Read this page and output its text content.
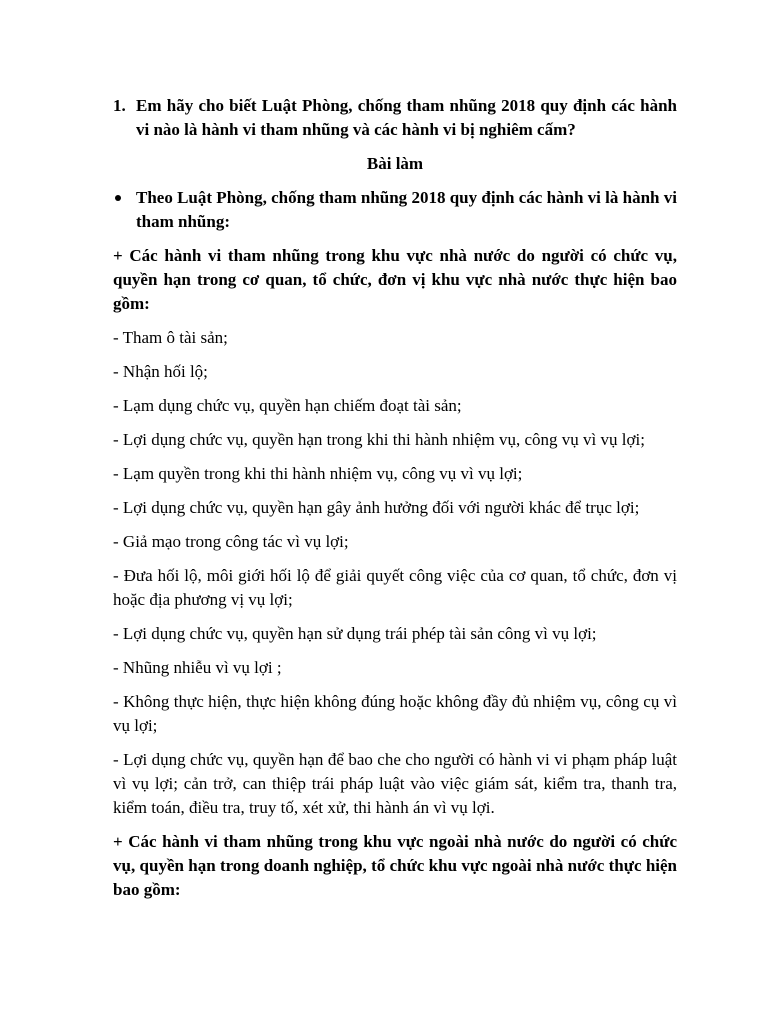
1. Em hãy cho biết Luật Phòng, chống tham nhũng 2018 quy định các hành vi nào là hành vi tham nhũng và các hành vi bị nghiêm cấm?
Bài làm
Theo Luật Phòng, chống tham nhũng 2018 quy định các hành vi là hành vi tham nhũng:
+ Các hành vi tham nhũng trong khu vực nhà nước do người có chức vụ, quyền hạn trong cơ quan, tổ chức, đơn vị khu vực nhà nước thực hiện bao gồm:
- Tham ô tài sản;
- Nhận hối lộ;
- Lạm dụng chức vụ, quyền hạn chiếm đoạt tài sản;
- Lợi dụng chức vụ, quyền hạn trong khi thi hành nhiệm vụ, công vụ vì vụ lợi;
- Lạm quyền trong khi thi hành nhiệm vụ, công vụ vì vụ lợi;
- Lợi dụng chức vụ, quyền hạn gây ảnh hưởng đối với người khác để trục lợi;
- Giả mạo trong công tác vì vụ lợi;
- Đưa hối lộ, môi giới hối lộ để giải quyết công việc của cơ quan, tổ chức, đơn vị hoặc địa phương vị vụ lợi;
- Lợi dụng chức vụ, quyền hạn sử dụng trái phép tài sản công vì vụ lợi;
- Nhũng nhiễu vì vụ lợi ;
- Không thực hiện, thực hiện không đúng hoặc không đầy đủ nhiệm vụ, công cụ vì vụ lợi;
- Lợi dụng chức vụ, quyền hạn để bao che cho người có hành vi vi phạm pháp luật vì vụ lợi; cản trở, can thiệp trái pháp luật vào việc giám sát, kiểm tra, thanh tra, kiểm toán, điều tra, truy tố, xét xử, thi hành án vì vụ lợi.
+ Các hành vi tham nhũng trong khu vực ngoài nhà nước do người có chức vụ, quyền hạn trong doanh nghiệp, tổ chức khu vực ngoài nhà nước thực hiện bao gồm:
